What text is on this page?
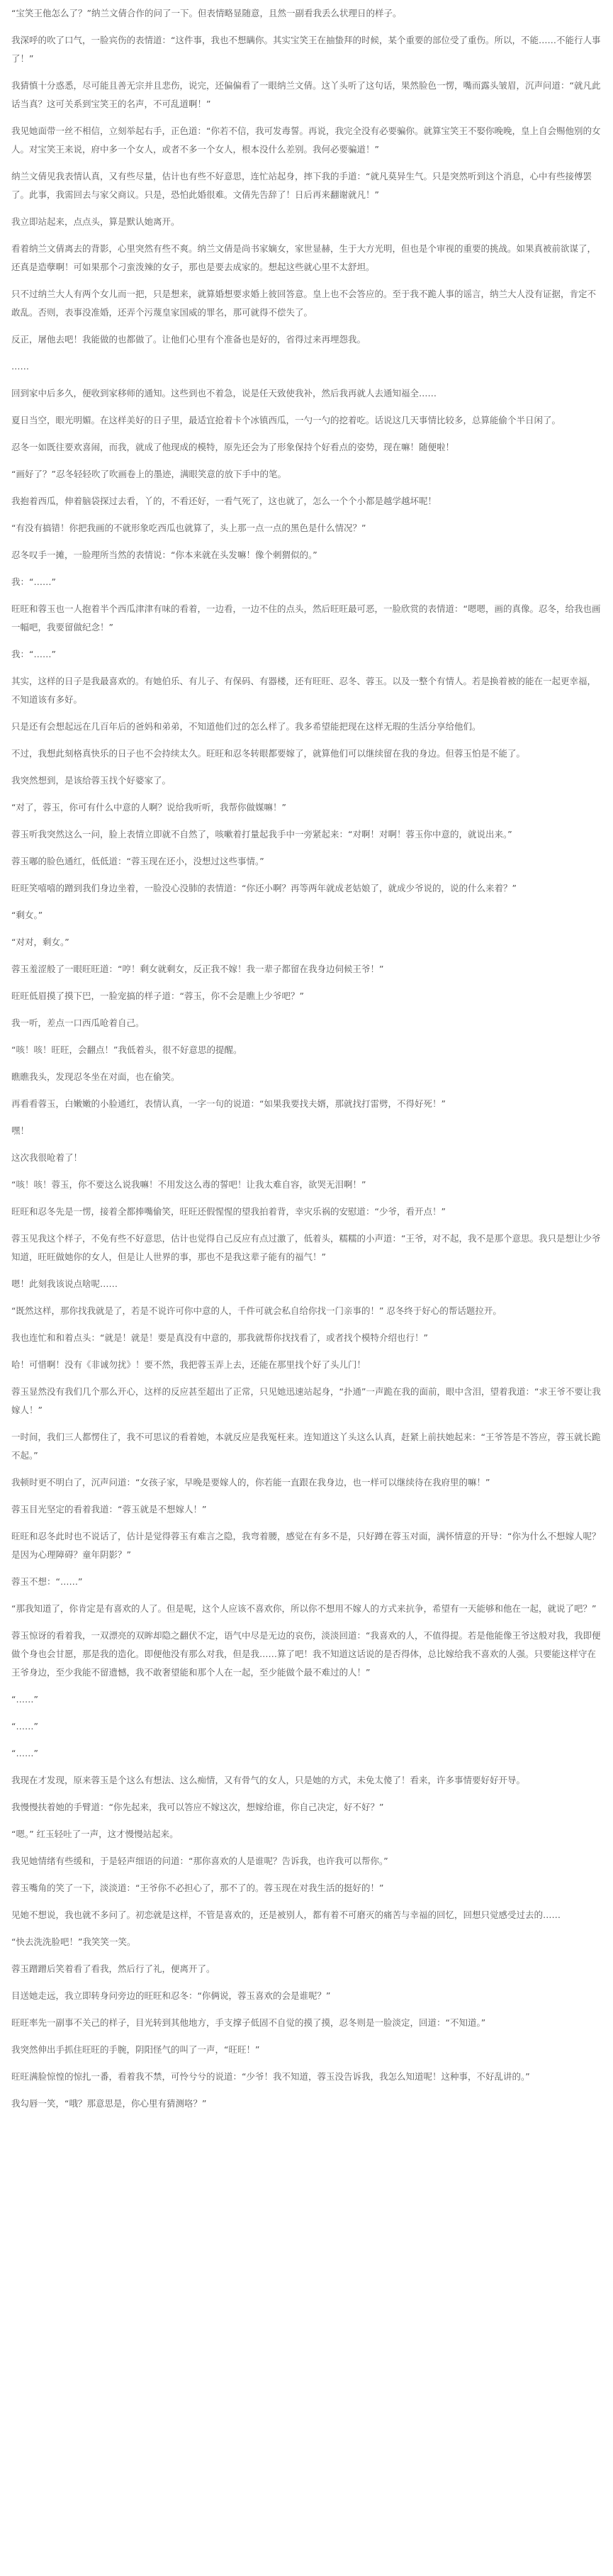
“宝笑王他怎么了？”纳兰文倩合作的问了一下。但表情略显随意，且然一副看我丢么状理日的样子。

我深呼的吹了口气，一脸宾伤的表情道：“这件事，我也不想瞒你。其实宝笑王在抽蛰拜的时候，某个重要的部位受了重伤。所以，不能……不能行人事了！”

我猜慎十分惑悉，尽可能且善无宗并且悲伤，说完，还偏偏看了一眼纳兰文倩。这丫头听了这句话，果然脸色一愣，嘴而露头皱眉，沉声问道：“就凡此话当真？这可关系到宝笑王的名声，不可乱道啊！”

我见她面带一丝不相信，立刻举起右手，正色道：“你若不信，我可发毒誓。再说，我完全没有必要骗你。就算宝笑王不娶你晚晚，皇上自会赐他别的女人。对宝笑王来说，府中多一个女人，或者不多一个女人，根本没什么差别。我何必要骗道！”

纳兰文倩见我表情认真，又有些尽量，估计也有些不好意思，连忙站起身，摔下我的手道：“就凡莫异生气。只是突然听到这个消息，心中有些接傅罢了。此事，我需回去与家父商议。只是，恐怕此婚很难。文倩先告辞了！日后再来翻谢就凡！”

我立即站起来，点点头，算是默认她离开。

看着纳兰文倩离去的背影，心里突然有些不爽。纳兰文倩是尚书家嫡女，家世显赫，生于大方光明，但也是个审视的重要的挑战。如果真被前欲谋了，还真是造孽啊！可如果那个刁蛮泼辣的女子，那也是要去成家的。想起这些就心里不太舒坦。

只不过纳兰大人有两个女儿而一把，只是想来，就算婚想要求婚上彼回答意。皇上也不会答应的。至于我不跪人事的谣言，纳兰大人没有证据，肯定不敢乱。否则，表事没准婚，还弄个污蔑皇家国威的罪名，那可就得不偿失了。

反正，屠他去吧！我能做的也都做了。让他们心里有个准备也是好的，省得过来再埋怨我。

……

回到家中后多久，便收到家移师的通知。这些到也不着急，说是任天致使我补，然后我再就人去通知福全……

夏日当空，眼光明媚。在这样美好的日子里，最适宜抢着卡个冰镇西瓜，一勺一勺的挖着吃。话说这几天事情比较多，总算能偷个半日闲了。

忍冬一如既往要欢喜闹，而我，就成了他现成的模特，原先还会为了形象保持个好看点的姿势，现在嘛！随便啦！

“画好了？”忍冬轻轻吹了吹画卷上的墨迹，满眼笑意的放下手中的笔。

我抱着西瓜，伸着脑袋探过去看，丫的，不看还好，一看气死了，这也就了，怎么一个个小都是越学越坏呢！

“有没有搞错！你把我画的不就形象吃西瓜也就算了，头上那一点一点的黑色是什么情况？”

忍冬叹手一摊，一脸理所当然的表情说：“你本来就在头发嘛！像个刺猬似的。”

我：“……”

旺旺和蓉玉也一人抱着半个西瓜津津有味的看着，一边看，一边不住的点头，然后旺旺最可恶，一脸欣赏的表情道：“嗯嗯，画的真像。忍冬，给我也画一幅吧，我要留做纪念！”

我：“……”

其实，这样的日子是我最喜欢的。有她伯乐、有儿子、有保码、有器楼，还有旺旺、忍冬、蓉玉。以及一整个有情人。若是换着被的能在一起更幸福，不知道该有多好。

只是还有会想起远在几百年后的爸妈和弟弟，不知道他们过的怎么样了。我多希望能把现在这样无瑕的生活分享给他们。

不过，我想此刻格真快乐的日子也不会持续太久。旺旺和忍冬转眼都要嫁了，就算他们可以继续留在我的身边。但蓉玉怕是不能了。

我突然想到，是该给蓉玉找个好婆家了。

“对了，蓉玉，你可有什么中意的人啊？说给我听听，我帮你做媒嘛！”

蓉玉听我突然这么一问，脸上表情立即就不自然了，咳嗽着打量起我手中一旁紧起来：“对啊！对啊！蓉玉你中意的，就说出来。”

蓉玉嘟的脸色通红，低低道：“蓉玉现在还小，没想过这些事情。”

旺旺笑嘻嘻的蹭到我们身边坐着，一脸没心没肺的表情道：“你还小啊？再等两年就成老姑娘了，就成少爷说的，说的什么来着？”

“剩女。”

“对对，剩女。”

蓉玉羞涩般了一眼旺旺道：“哼！剩女就剩女，反正我不嫁！我一辈子都留在我身边伺候王爷！”

旺旺低眉摸了摸下巴，一脸宠搞的样子道：“蓉玉，你不会是瞧上少爷吧？”

我一听，差点一口西瓜呛着自己。

“咳！咳！旺旺，会翻点！”我低着头，很不好意思的提醒。

瞧瞧我头，发现忍冬坐在对面，也在偷笑。

再看看蓉玉，白嫩嫩的小脸通红，表情认真，一字一句的说道：“如果我要找夫婿，那就找打雷劈，不得好死！”

嘿！

这次我很呛着了！

“咳！咳！蓉玉，你不要这么说我嘛！不用发这么毒的誓吧！让我太难自容，欲哭无泪啊！”

旺旺和忍冬先是一愣，接着全都捧嘴偷笑，旺旺还假惺惺的望我拍着背，幸灾乐祸的安慰道：“少爷，看开点！”

蓉玉见我这个样子，不免有些不好意思，估计也觉得自己反应有点过激了，低着头，糯糯的小声道：“王爷，对不起，我不是那个意思。我只是想让少爷知道，旺旺做她你的女人，但是让人世界的事，那也不是我这辈子能有的福气！”

嗯！此刻我该说点啥呢……

“既然这样，那你找我就是了，若是不说许可你中意的人，千件可就会私自给你找一门亲事的！” 忍冬终于好心的帮话题拉开。

我也连忙和和着点头：“就是！就是！要是真没有中意的，那我就帮你找找看了，或者找个模特介绍也行！”

哈！可惜啊！没有《非诚勿扰》！要不然，我把蓉玉弄上去，还能在那里找个好了头儿门！

蓉玉显然没有我们几个那么开心，这样的反应甚至超出了正常，只见她迅速站起身，“扑通”一声跪在我的面前，眼中含泪，望着我道：“求王爷不要让我嫁人！”

一时间，我们三人都愣住了，我不可思议的看着她，本就反应是我冤枉来。连知道这丫头这么认真，赶紧上前扶她起来：“王爷答是不答应，蓉玉就长跪不起。”

我顿时更不明白了，沉声问道：“女孩子家，早晚是要嫁人的，你若能一直跟在我身边，也一样可以继续待在我府里的嘛！”

蓉玉目光坚定的看着我道：“蓉玉就是不想嫁人！”

旺旺和忍冬此时也不说话了，估计是觉得蓉玉有难言之隐，我弯着腰，感觉在有多不是，只好蹲在蓉玉对面，满怀情意的开导：“你为什么不想嫁人呢？是因为心理障碍？童年阴影？”

蓉玉不想：“……”

“那我知道了，你肯定是有喜欢的人了。但是呢，这个人应该不喜欢你，所以你不想用不嫁人的方式来抗争，希望有一天能够和他在一起，就说了吧？”

蓉玉惊讶的看着我，一双漂亮的双眸却隐之翻伏不定，语气中尽是无边的哀伤，淡淡回道：“我喜欢的人，不值得提。若是他能像王爷这般对我，我即便做个身也会甘愿，那是我的造化。即便他没有那么对我，但是我……算了吧！我不知道这话说的是否得体，总比嫁给我不喜欢的人强。只要能这样守在王爷身边，至少我能不留遗憾，我不敢奢望能和那个人在一起，至少能做个最不难过的人！”

“……”

“……”

“……”

我现在才发现，原来蓉玉是个这么有想法、这么痴情，又有骨气的女人，只是她的方式，未免太傻了！看来，许多事情要好好开导。

我慢慢扶着她的手臂道：“你先起来，我可以答应不嫁这次，想嫁给谁，你自己决定，好不好？”

“嗯。” 红玉轻吐了一声，这才慢慢站起来。

我见她情绪有些缓和，于是轻声细语的问道：“那你喜欢的人是谁呢？告诉我，也许我可以帮你。”

蓉玉嘴角的笑了一下，淡淡道：“王爷你不必担心了，那不了的。蓉玉现在对我生活的挺好的！”

见她不想说，我也就不多问了。初恋就是这样，不管是喜欢的，还是被别人，都有着不可磨灭的痛苦与幸福的回忆，回想只觉感受过去的……

“快去洗洗脸吧！”我笑笑一笑。

蓉玉蹭蹭后笑着看了看我，然后行了礼，便离开了。

目送她走远，我立即转身问旁边的旺旺和忍冬：“你俩说，蓉玉喜欢的会是谁呢？”

旺旺率先一副事不关己的样子，目光转到其他地方，手支撑子低固不自觉的摸了摸，忍冬则是一脸淡定，回道：“不知道。”

我突然伸出手抓住旺旺的手腕，阴阳怪气的叫了一声，“旺旺！”

旺旺满脸惊惶的惊扎一番，看着我不禁，可怜兮兮的说道：“少爷！我不知道，蓉玉没告诉我，我怎么知道呢！这种事，不好乱讲的。”

我勾唇一笑，“哦？那意思是，你心里有猜测咯？”
